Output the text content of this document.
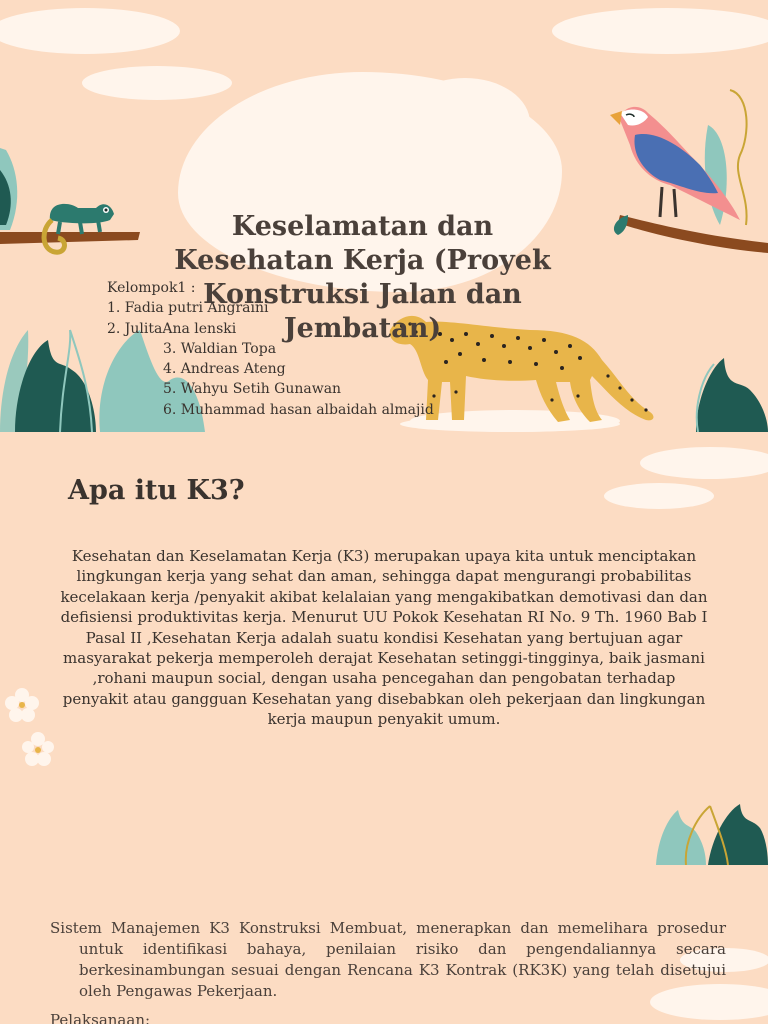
Keselamatan dan Kesehatan Kerja (Proyek Konstruksi Jalan dan Jembatan)
Kelompok1 :
1. Fadia putri Angraini
2. JulitaAna lenski
3. Waldian Topa
4. Andreas Ateng
5. Wahyu Setih Gunawan
6. Muhammad hasan albaidah almajid
Apa itu K3?

Kesehatan dan Keselamatan Kerja (K3) merupakan upaya kita untuk menciptakan lingkungan kerja yang sehat dan aman, sehingga dapat mengurangi probabilitas kecelakaan kerja /penyakit akibat kelalaian yang mengakibatkan demotivasi dan dan defisiensi produktivitas kerja. Menurut UU Pokok Kesehatan RI No. 9 Th. 1960 Bab I Pasal II ,Kesehatan Kerja adalah suatu kondisi Kesehatan yang bertujuan agar masyarakat pekerja memperoleh derajat Kesehatan setinggi-tingginya, baik jasmani ,rohani maupun social, dengan usaha pencegahan dan pengobatan terhadap penyakit atau gangguan Kesehatan yang disebabkan oleh pekerjaan dan lingkungan kerja maupun penyakit umum.

Sistem Manajemen K3 Konstruksi Membuat, menerapkan dan memelihara prosedur untuk identifikasi bahaya, penilaian risiko dan pengendaliannya secara berkesinambungan sesuai dengan Rencana K3 Kontrak (RK3K) yang telah disetujui oleh Pengawas Pekerjaan.

Pelaksanaan:
